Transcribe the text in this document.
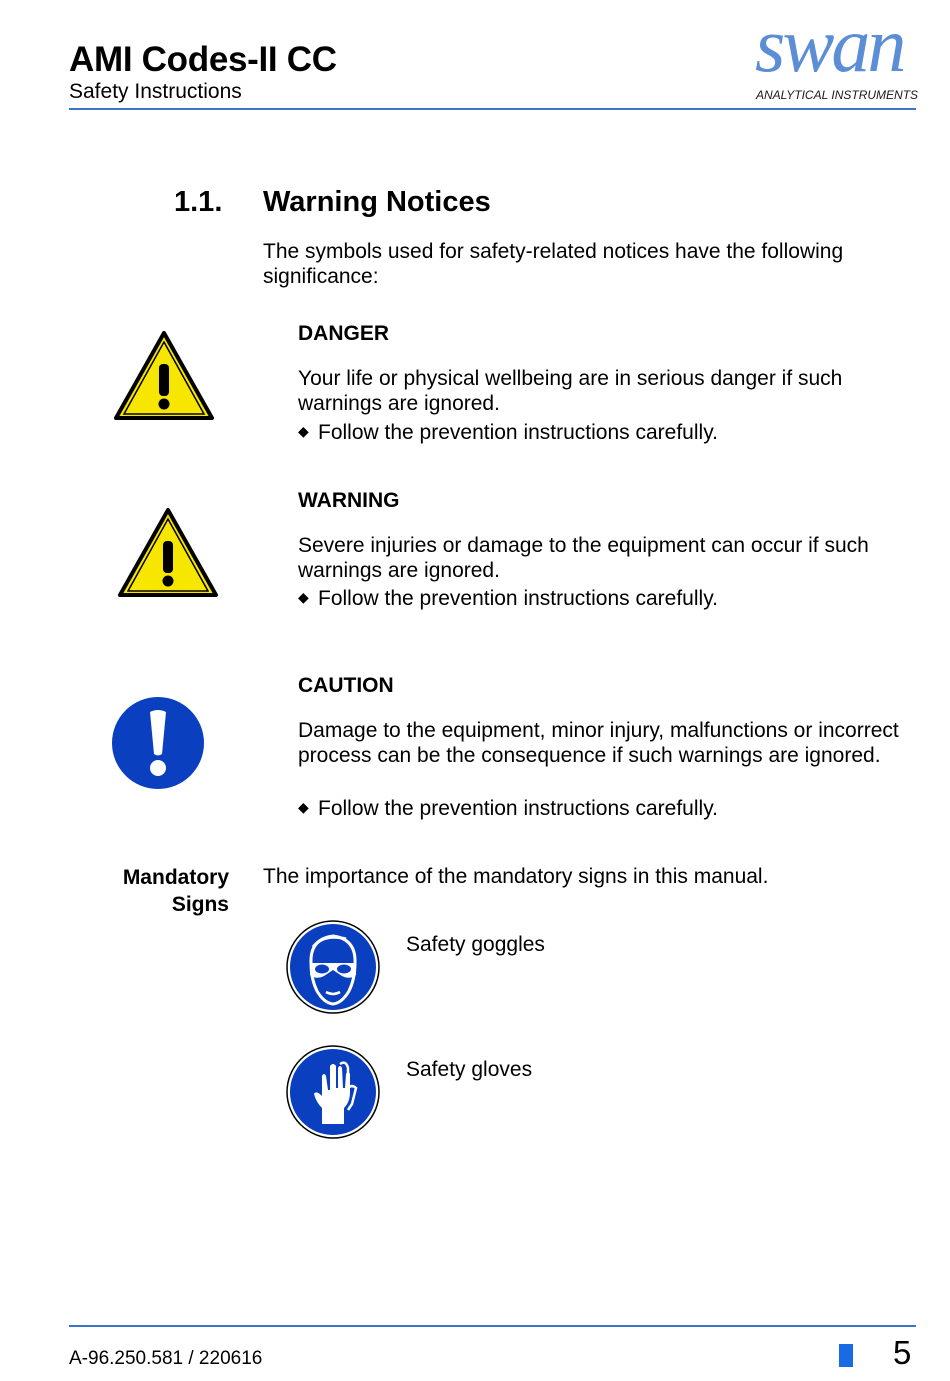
AMI Codes-II CC
Safety Instructions
swan
ANALYTICAL INSTRUMENTS
1.1. Warning Notices
The symbols used for safety-related notices have the following significance:
DANGER
Your life or physical wellbeing are in serious danger if such warnings are ignored.
◆ Follow the prevention instructions carefully.
WARNING
Severe injuries or damage to the equipment can occur if such warnings are ignored.
◆ Follow the prevention instructions carefully.
CAUTION
Damage to the equipment, minor injury, malfunctions or incorrect process can be the consequence if such warnings are ignored.
◆ Follow the prevention instructions carefully.
Mandatory
Signs
The importance of the mandatory signs in this manual.
Safety goggles
Safety gloves
A-96.250.581 / 220616	5
